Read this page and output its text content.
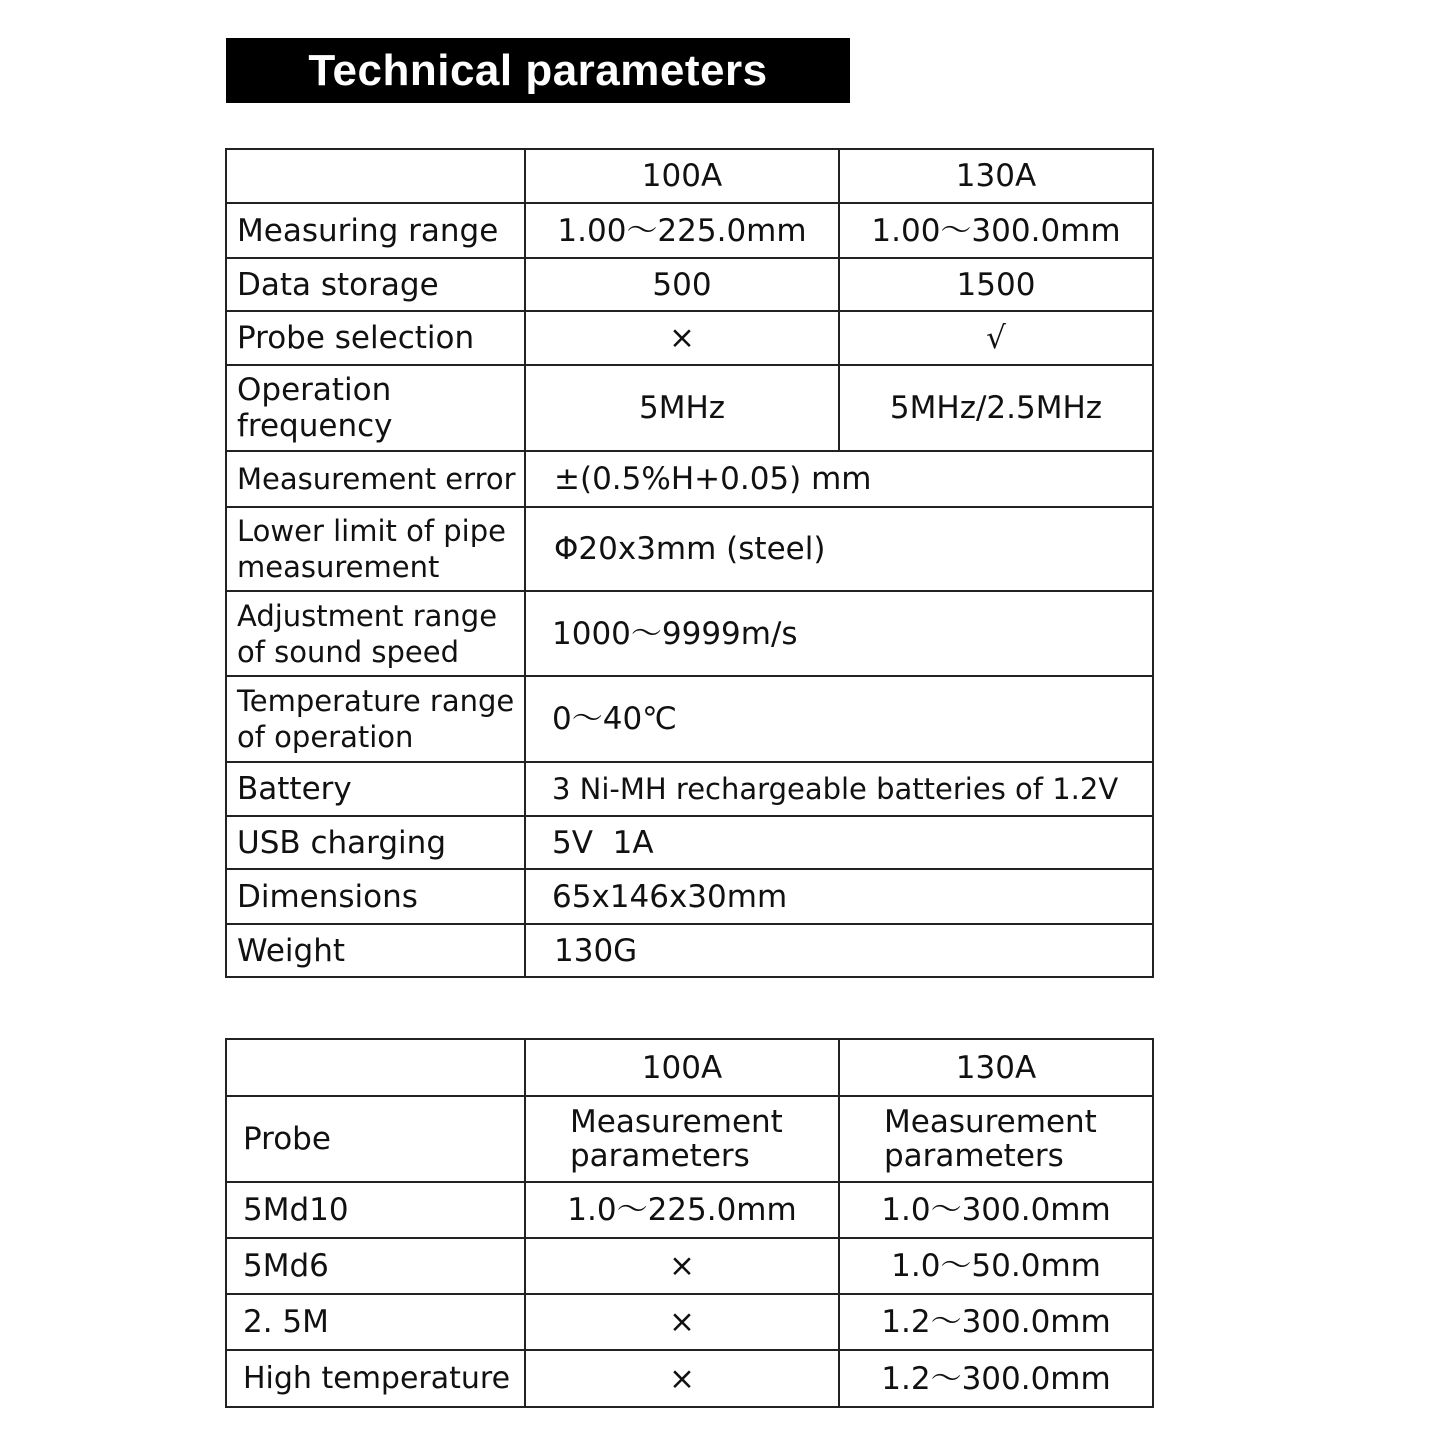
Technical parameters
	100A	130A
Measuring range	1.00～225.0mm	1.00～300.0mm
Data storage	500	1500
Probe selection	×	√
Operation frequency	5MHz	5MHz/2.5MHz
Measurement error	±(0.5%H+0.05) mm	
Lower limit of pipe measurement	Φ20x3mm (steel)	
Adjustment range of sound speed	1000～9999m/s	
Temperature range of operation	0～40℃	
Battery	3 Ni-MH rechargeable batteries of 1.2V	
USB charging	5V  1A	
Dimensions	65x146x30mm	
Weight	130G	
	100A	130A
Probe	Measurement parameters	Measurement parameters
5Md10	1.0～225.0mm	1.0～300.0mm
5Md6	×	1.0～50.0mm
2. 5M	×	1.2～300.0mm
High temperature	×	1.2～300.0mm
